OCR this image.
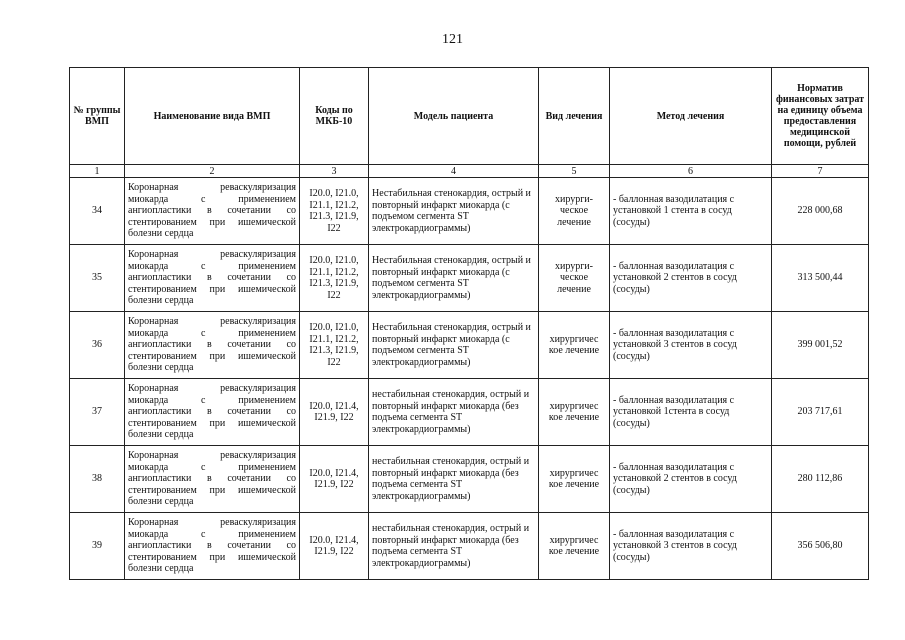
121
№ группы ВМП	Наименование вида ВМП	Коды по МКБ-10	Модель пациента	Вид лечения	Метод лечения	Норматив финансовых затрат на единицу объема предоставления медицинской помощи, рублей
1	2	3	4	5	6	7
34	Коронарная реваскуляризация миокарда с применением ангиопластики в сочетании со стентированием при ишемической болезни сердца	I20.0, I21.0, I21.1, I21.2, I21.3, I21.9, I22	Нестабильная стенокардия, острый и повторный инфаркт миокарда (с подъемом сегмента ST электрокардиограммы)	хирурги-ческое лечение	- баллонная вазодилатация с установкой 1 стента в сосуд (сосуды)	228 000,68
35	Коронарная реваскуляризация миокарда с применением ангиопластики в сочетании со стентированием при ишемической болезни сердца	I20.0, I21.0, I21.1, I21.2, I21.3, I21.9, I22	Нестабильная стенокардия, острый и повторный инфаркт миокарда (с подъемом сегмента ST электрокардиограммы)	хирурги-ческое лечение	- баллонная вазодилатация с установкой 2 стентов в сосуд (сосуды)	313 500,44
36	Коронарная реваскуляризация миокарда с применением ангиопластики в сочетании со стентированием при ишемической болезни сердца	I20.0, I21.0, I21.1, I21.2, I21.3, I21.9, I22	Нестабильная стенокардия, острый и повторный инфаркт миокарда (с подъемом сегмента ST электрокардиограммы)	хирургичес кое лечение	- баллонная вазодилатация с установкой 3 стентов в сосуд (сосуды)	399 001,52
37	Коронарная реваскуляризация миокарда с применением ангиопластики в сочетании со стентированием при ишемической болезни сердца	I20.0, I21.4, I21.9, I22	нестабильная стенокардия, острый и повторный инфаркт миокарда (без подъема сегмента ST электрокардиограммы)	хирургичес кое лечение	- баллонная вазодилатация с установкой 1стента в сосуд (сосуды)	203 717,61
38	Коронарная реваскуляризация миокарда с применением ангиопластики в сочетании со стентированием при ишемической болезни сердца	I20.0, I21.4, I21.9, I22	нестабильная стенокардия, острый и повторный инфаркт миокарда (без подъема сегмента ST электрокардиограммы)	хирургичес кое лечение	- баллонная вазодилатация с установкой 2 стентов в сосуд (сосуды)	280 112,86
39	Коронарная реваскуляризация миокарда с применением ангиопластики в сочетании со стентированием при ишемической болезни сердца	I20.0, I21.4, I21.9, I22	нестабильная стенокардия, острый и повторный инфаркт миокарда (без подъема сегмента ST электрокардиограммы)	хирургичес кое лечение	- баллонная вазодилатация с установкой 3 стентов в сосуд (сосуды)	356 506,80
